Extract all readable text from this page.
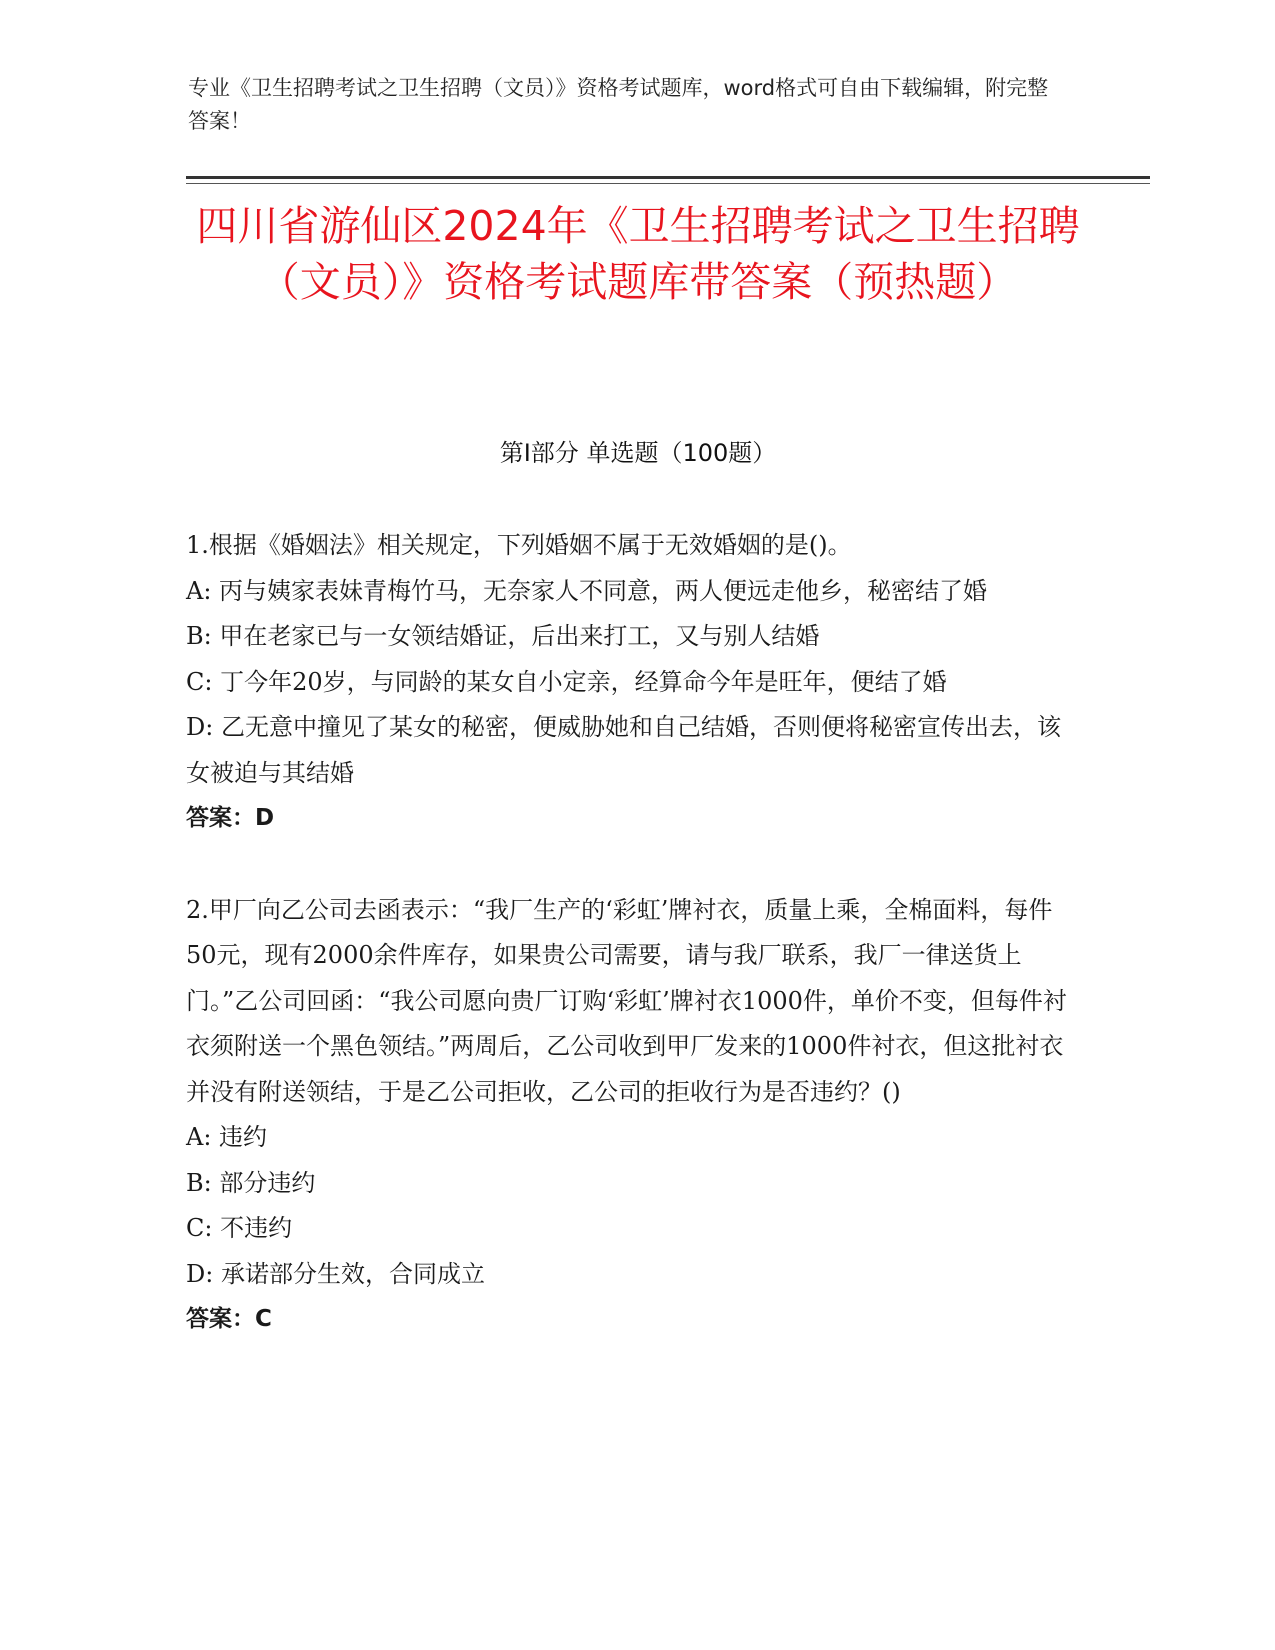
专业《卫生招聘考试之卫生招聘（文员）》资格考试题库，word格式可自由下载编辑，附完整答案！
四川省游仙区2024年《卫生招聘考试之卫生招聘（文员）》资格考试题库带答案（预热题）
第I部分 单选题（100题）
1.根据《婚姻法》相关规定，下列婚姻不属于无效婚姻的是()。
A: 丙与姨家表妹青梅竹马，无奈家人不同意，两人便远走他乡，秘密结了婚
B: 甲在老家已与一女领结婚证，后出来打工，又与别人结婚
C: 丁今年20岁，与同龄的某女自小定亲，经算命今年是旺年，便结了婚
D: 乙无意中撞见了某女的秘密，便威胁她和自己结婚，否则便将秘密宣传出去，该女被迫与其结婚
答案：D
2.甲厂向乙公司去函表示：“我厂生产的‘彩虹’牌衬衣，质量上乘，全棉面料，每件50元，现有2000余件库存，如果贵公司需要，请与我厂联系，我厂一律送货上门。”乙公司回函：“我公司愿向贵厂订购‘彩虹’牌衬衣1000件，单价不变，但每件衬衣须附送一个黑色领结。”两周后，乙公司收到甲厂发来的1000件衬衣，但这批衬衣并没有附送领结，于是乙公司拒收，乙公司的拒收行为是否违约？()
A: 违约
B: 部分违约
C: 不违约
D: 承诺部分生效，合同成立
答案：C
